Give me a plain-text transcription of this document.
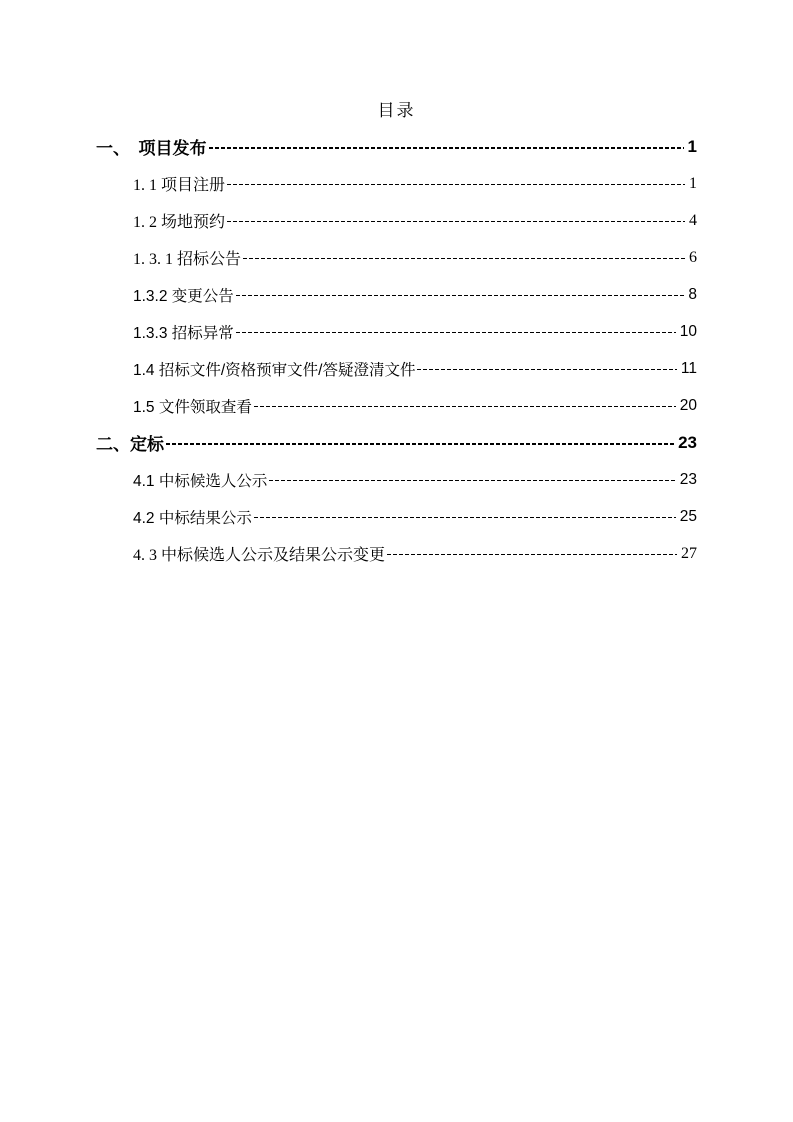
目录
一、　项目发布	1
1. 1 项目注册	1
1. 2 场地预约	4
1. 3. 1 招标公告	6
1.3.2 变更公告	8
1.3.3 招标异常	10
1.4 招标文件/资格预审文件/答疑澄清文件	11
1.5 文件领取查看	20
二、定标	23
4.1 中标候选人公示	23
4.2 中标结果公示	25
4. 3 中标候选人公示及结果公示变更	27
